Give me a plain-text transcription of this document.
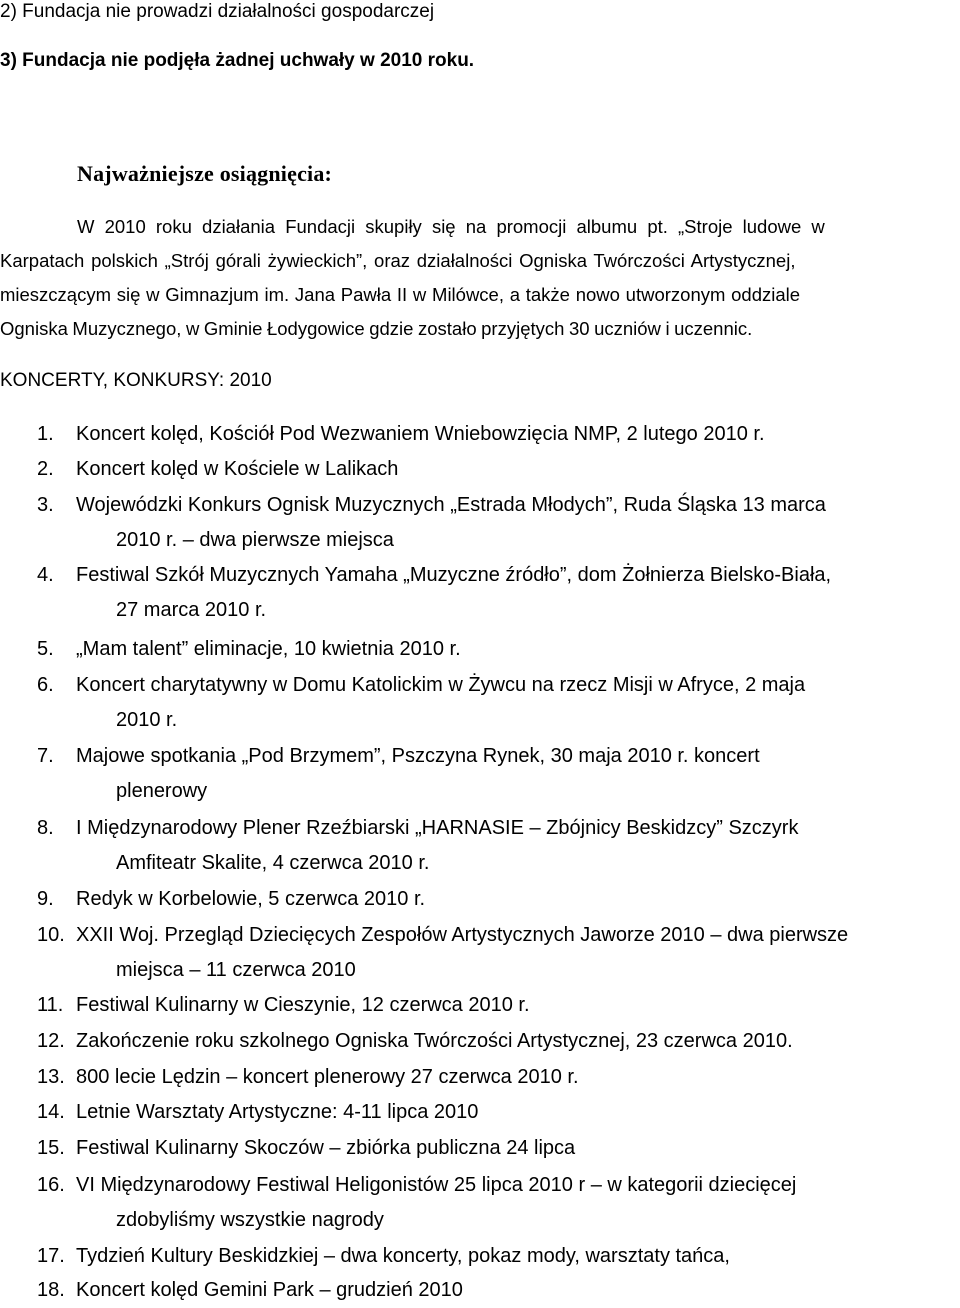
2) Fundacja nie prowadzi działalności gospodarczej
3) Fundacja nie podjęła żadnej uchwały w 2010 roku.
Najważniejsze osiągnięcia:
W 2010 roku działania Fundacji skupiły się na promocji albumu pt. „Stroje ludowe w
Karpatach polskich „Strój górali żywieckich”, oraz działalności Ogniska Twórczości Artystycznej,
mieszczącym się w Gimnazjum im. Jana Pawła II w Milówce, a także nowo utworzonym oddziale
Ogniska Muzycznego, w Gminie Łodygowice gdzie zostało przyjętych 30 uczniów i uczennic.
KONCERTY, KONKURSY: 2010
1. Koncert kolęd, Kościół Pod Wezwaniem Wniebowzięcia NMP, 2 lutego 2010 r.
2. Koncert kolęd w Kościele w Lalikach
3. Wojewódzki Konkurs Ognisk Muzycznych „Estrada Młodych”, Ruda Śląska 13 marca
2010 r. – dwa pierwsze miejsca
4. Festiwal Szkół Muzycznych Yamaha „Muzyczne źródło”, dom Żołnierza Bielsko-Biała,
27 marca 2010 r.
5. „Mam talent” eliminacje, 10 kwietnia 2010 r.
6. Koncert charytatywny w Domu Katolickim w Żywcu na rzecz Misji w Afryce, 2 maja
2010 r.
7. Majowe spotkania „Pod Brzymem”, Pszczyna Rynek, 30 maja 2010 r. koncert
plenerowy
8. I Międzynarodowy Plener Rzeźbiarski „HARNASIE – Zbójnicy Beskidzcy” Szczyrk
Amfiteatr Skalite, 4 czerwca 2010 r.
9. Redyk w Korbelowie, 5 czerwca 2010 r.
10. XXII Woj. Przegląd Dziecięcych Zespołów Artystycznych Jaworze 2010 – dwa pierwsze
miejsca – 11 czerwca 2010
11. Festiwal Kulinarny w Cieszynie, 12 czerwca 2010 r.
12. Zakończenie roku szkolnego Ogniska Twórczości Artystycznej, 23 czerwca 2010.
13. 800 lecie Lędzin – koncert plenerowy 27 czerwca 2010 r.
14. Letnie Warsztaty Artystyczne: 4-11 lipca 2010
15. Festiwal Kulinarny Skoczów – zbiórka publiczna 24 lipca
16. VI Międzynarodowy Festiwal Heligonistów 25 lipca 2010 r – w kategorii dziecięcej
zdobyliśmy wszystkie nagrody
17. Tydzień Kultury Beskidzkiej – dwa koncerty, pokaz mody, warsztaty tańca,
18. Koncert kolęd Gemini Park – grudzień 2010
